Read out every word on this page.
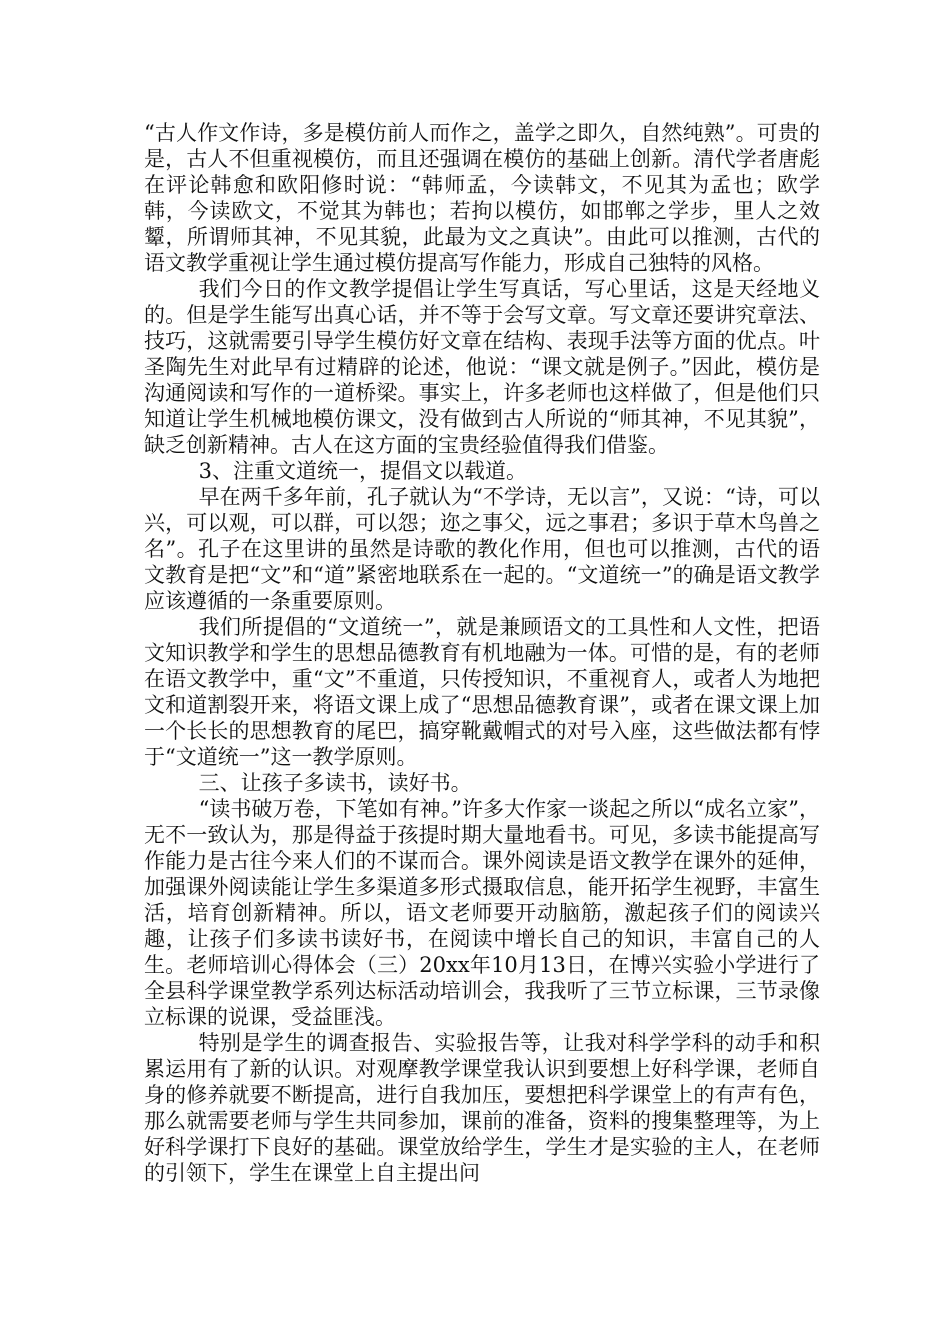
“古人作文作诗，多是模仿前人而作之，盖学之即久，自然纯熟”。可贵的是，古人不但重视模仿，而且还强调在模仿的基础上创新。清代学者唐彪在评论韩愈和欧阳修时说：“韩师孟，今读韩文，不见其为孟也；欧学韩，今读欧文，不觉其为韩也；若拘以模仿，如邯郸之学步，里人之效颦，所谓师其神，不见其貌，此最为文之真诀”。由此可以推测，古代的语文教学重视让学生通过模仿提高写作能力，形成自己独特的风格。

我们今日的作文教学提倡让学生写真话，写心里话，这是天经地义的。但是学生能写出真心话，并不等于会写文章。写文章还要讲究章法、技巧，这就需要引导学生模仿好文章在结构、表现手法等方面的优点。叶圣陶先生对此早有过精辟的论述，他说：“课文就是例子。”因此，模仿是沟通阅读和写作的一道桥梁。事实上，许多老师也这样做了，但是他们只知道让学生机械地模仿课文，没有做到古人所说的“师其神，不见其貌”，缺乏创新精神。古人在这方面的宝贵经验值得我们借鉴。

3、注重文道统一，提倡文以载道。

早在两千多年前，孔子就认为“不学诗，无以言”，又说：“诗，可以兴，可以观，可以群，可以怨；迩之事父，远之事君；多识于草木鸟兽之名”。孔子在这里讲的虽然是诗歌的教化作用，但也可以推测，古代的语文教育是把“文”和“道”紧密地联系在一起的。“文道统一”的确是语文教学应该遵循的一条重要原则。

我们所提倡的“文道统一”，就是兼顾语文的工具性和人文性，把语文知识教学和学生的思想品德教育有机地融为一体。可惜的是，有的老师在语文教学中，重“文”不重道，只传授知识，不重视育人，或者人为地把文和道割裂开来，将语文课上成了“思想品德教育课”，或者在课文课上加一个长长的思想教育的尾巴，搞穿靴戴帽式的对号入座，这些做法都有悖于“文道统一”这一教学原则。

三、让孩子多读书，读好书。

“读书破万卷，下笔如有神。”许多大作家一谈起之所以“成名立家”，无不一致认为，那是得益于孩提时期大量地看书。可见，多读书能提高写作能力是古往今来人们的不谋而合。课外阅读是语文教学在课外的延伸，加强课外阅读能让学生多渠道多形式摄取信息，能开拓学生视野，丰富生活，培育创新精神。所以，语文老师要开动脑筋，激起孩子们的阅读兴趣，让孩子们多读书读好书，在阅读中增长自己的知识，丰富自己的人生。老师培训心得体会（三）20xx年10月13日，在博兴实验小学进行了全县科学课堂教学系列达标活动培训会，我我听了三节立标课，三节录像立标课的说课，受益匪浅。

特别是学生的调查报告、实验报告等，让我对科学学科的动手和积累运用有了新的认识。对观摩教学课堂我认识到要想上好科学课，老师自身的修养就要不断提高，进行自我加压，要想把科学课堂上的有声有色，那么就需要老师与学生共同参加，课前的准备，资料的搜集整理等，为上好科学课打下良好的基础。课堂放给学生，学生才是实验的主人，在老师的引领下，学生在课堂上自主提出问
